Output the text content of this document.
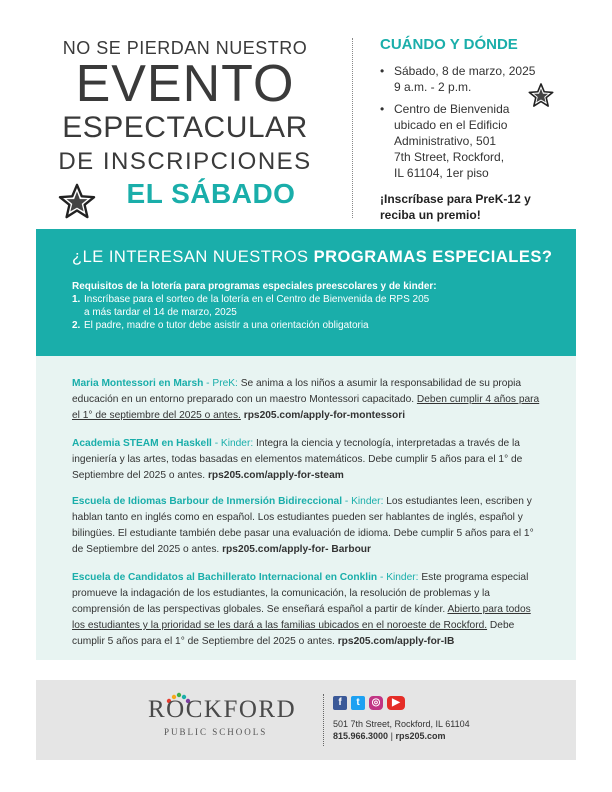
NO SE PIERDAN NUESTRO
EVENTO
ESPECTACULAR
DE INSCRIPCIONES
EL SÁBADO
CUÁNDO Y DÓNDE
• Sábado, 8 de marzo, 2025
9 a.m. - 2 p.m.
• Centro de Bienvenida
ubicado en el Edificio
Administrativo, 501
7th Street, Rockford,
IL 61104, 1er piso
¡Inscríbase para PreK-12 y reciba un premio!
¿LE INTERESAN NUESTROS PROGRAMAS ESPECIALES?
Requisitos de la lotería para programas especiales preescolares y de kinder:
1. Inscríbase para el sorteo de la lotería en el Centro de Bienvenida de RPS 205
a más tardar el 14 de marzo, 2025
2. El padre, madre o tutor debe asistir a una orientación obligatoria
Maria Montessori en Marsh - PreK: Se anima a los niños a asumir la responsabilidad de su propia educación en un entorno preparado con un maestro Montessori capacitado. Deben cumplir 4 años para el 1° de septiembre del 2025 o antes. rps205.com/apply-for-montessori
Academia STEAM en Haskell - Kinder: Integra la ciencia y tecnología, interpretadas a través de la ingeniería y las artes, todas basadas en elementos matemáticos. Debe cumplir 5 años para el 1° de Septiembre del 2025 o antes. rps205.com/apply-for-steam
Escuela de Idiomas Barbour de Inmersión Bidireccional - Kinder: Los estudiantes leen, escriben y hablan tanto en inglés como en español. Los estudiantes pueden ser hablantes de inglés, español y bilingües. El estudiante también debe pasar una evaluación de idioma. Debe cumplir 5 años para el 1° de Septiembre del 2025 o antes. rps205.com/apply-for- Barbour
Escuela de Candidatos al Bachillerato Internacional en Conklin - Kinder: Este programa especial promueve la indagación de los estudiantes, la comunicación, la resolución de problemas y la comprensión de las perspectivas globales. Se enseñará español a partir de kínder. Abierto para todos los estudiantes y la prioridad se les dará a las familias ubicados en el noroeste de Rockford. Debe cumplir 5 años para el 1° de Septiembre del 2025 o antes. rps205.com/apply-for-IB
ROCKFORD
PUBLIC SCHOOLS
f	t	◎	▶
501 7th Street, Rockford, IL 61104
815.966.3000 | rps205.com
